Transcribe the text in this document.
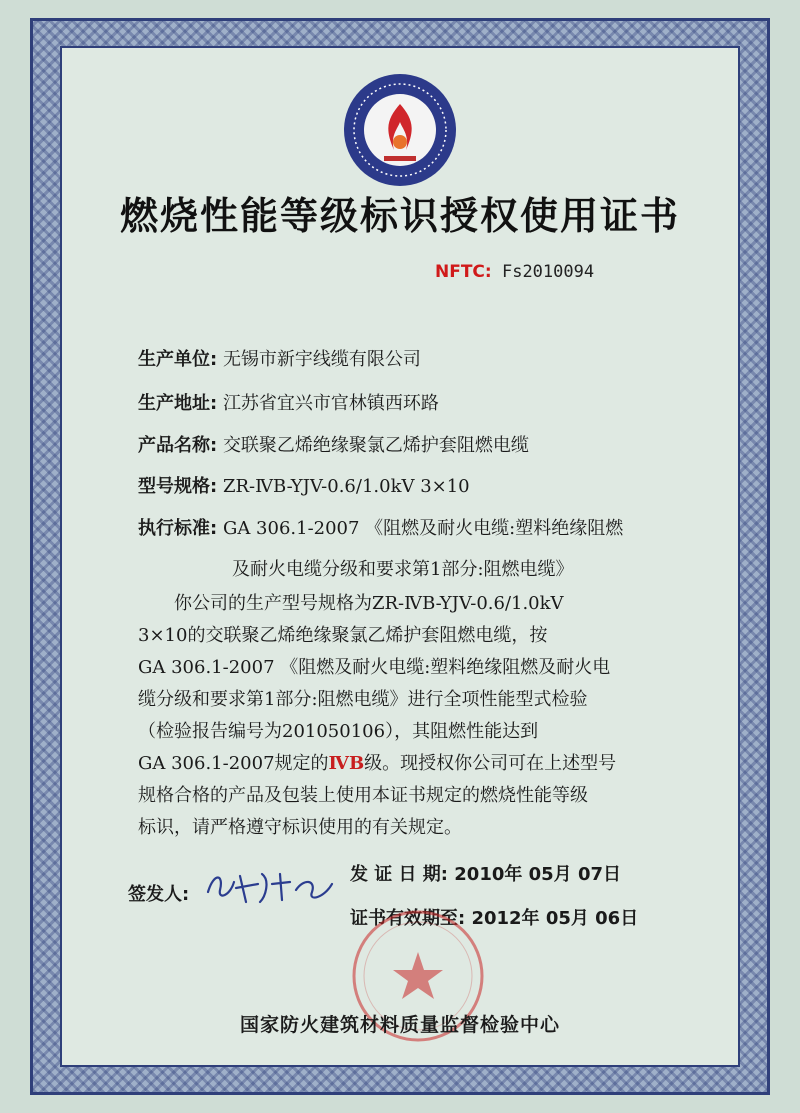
燃烧性能等级标识授权使用证书
NFTC: Fs2010094
生产单位: 无锡市新宇线缆有限公司
生产地址: 江苏省宜兴市官林镇西环路
产品名称: 交联聚乙烯绝缘聚氯乙烯护套阻燃电缆
型号规格: ZR-ⅣB-YJV-0.6/1.0kV 3×10
执行标准: GA 306.1-2007 《阻燃及耐火电缆:塑料绝缘阻燃
及耐火电缆分级和要求第1部分:阻燃电缆》

你公司的生产型号规格为ZR-ⅣB-YJV-0.6/1.0kV

3×10的交联聚乙烯绝缘聚氯乙烯护套阻燃电缆，按

GA 306.1-2007 《阻燃及耐火电缆:塑料绝缘阻燃及耐火电

缆分级和要求第1部分:阻燃电缆》进行全项性能型式检验

（检验报告编号为201050106），其阻燃性能达到

GA 306.1-2007规定的ⅣB级。现授权你公司可在上述型号

规格合格的产品及包装上使用本证书规定的燃烧性能等级

标识，请严格遵守标识使用的有关规定。

签发人:
发 证 日 期: 2010年 05月 07日
证书有效期至: 2012年 05月 06日
国家防火建筑材料质量监督检验中心
